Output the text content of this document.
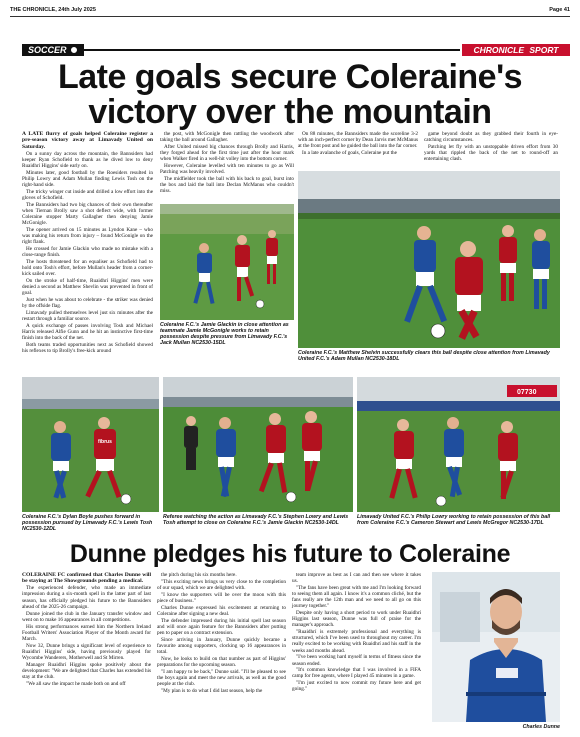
THE CHRONICLE, 24th July 2025	Page 41
SOCCER	CHRONICLE SPORT
Late goals secure Coleraine's victory over the mountain

A LATE flurry of goals helped Coleraine register a pre-season victory away at Limavady United on Saturday.

On a sunny day across the mountain, the Bannsiders had keeper Ryan Schofield to thank as he dived low to deny Ruaidhrí Higgins' side early on.

Minutes later, good football by the Roesiders resulted in Philip Lowry and Adam Mullan finding Lewis Tosh on the right-hand side.

The tricky winger cut inside and drilled a low effort into the gloves of Schofield.

The Bannsiders had two big chances of their own thereafter when Tiernan Brolly saw a shot deflect wide, with former Coleraine stopper Marty Gallagher then denying Jamie McGonigle.

The opener arrived on 15 minutes as Lyndon Kane – who was making his return from injury – found McGonigle on the right flank.

He crossed for Jamie Glackin who made no mistake with a close-range finish.

The hosts threatened for an equaliser as Schofield had to hold onto Tosh's effort, before Mullan's header from a corner-kick sailed over.

On the stroke of half-time, Ruaidhrí Higgins' men were denied a second as Matthew Shevlin was prevented in front of goal.

Just when he was about to celebrate - the striker was denied by the offside flag.

Limavady pulled themselves level just six minutes after the restart through a familiar source.

A quick exchange of passes involving Tosh and Michael Harris released Alfie Gunn and he hit an instinctive first-time finish into the back of the net.

Both teams traded opportunities next as Schofield showed his reflexes to tip Brolly's free-kick around

the post, with McGonigle then rattling the woodwork after taking the ball around Gallagher.

After United missed big chances through Brolly and Harris, they forged ahead for the first time just after the hour mark when Walker fired in a well-hit volley into the bottom corner.

However, Coleraine levelled with ten minutes to go as Will Patching was heavily involved.

The midfielder took the ball with his back to goal, burst into the box and laid the ball into Declan McManus who couldn't miss.

On 88 minutes, the Bannsiders made the scoreline 3-2 with an inch-perfect corner by Dean Jarvis met McManus at the front post and he guided the ball into the far corner.

In a late avalanche of goals, Coleraine put the

game beyond doubt as they grabbed their fourth in eye-catching circumstances.

Patching let fly with an unstoppable driven effort from 30 yards that rippled the back of the net to round-off an entertaining clash.

Coleraine F.C.'s Jamie Glackin in close attention as teammate Jamie McGonigle works to retain possession despite pressure from Limavady F.C.'s Jack Mullan NC2530-15DL
Coleraine F.C.'s Matthew Shelvin successfully clears this ball despite close attention from Limavady United F.C.'s Adam Mullan NC2530-18DL
fibrus
07730
Coleraine F.C.'s Dylan Boyle pushes forward in possession pursued by Limavady F.C.'s Lewis Tosh NC2530-12DL
Referee watching the action as Limavady F.C.'s Stephen Lowry and Lewis Tosh attempt to close on Coleraine F.C.'s Jamie Glackin NC2530-14DL
Limavady United F.C.'s Philip Lowry working to retain possession of this ball from Coleraine F.C.'s Cameron Stewart and Lewis McGregor NC2530-17DL
Dunne pledges his future to Coleraine

COLERAINE FC confirmed that Charles Dunne will be staying at The Showgrounds pending a medical.

The experienced defender, who made an immediate impression during a six-month spell in the latter part of last season, has officially pledged his future to the Bannsiders ahead of the 2025-26 campaign.

Dunne joined the club in the January transfer window and went on to make 16 appearances in all competitions.

His strong performances earned him the Northern Ireland Football Writers' Association Player of the Month award for March.

Now 32, Dunne brings a significant level of experience to Ruaidhrí Higgins' side, having previously played for Wycombe Wanderers, Motherwell and St Mirren.

Manager Ruaidhrí Higgins spoke positively about the development: "We are delighted that Charles has extended his stay at the club.

"We all saw the impact he made both on and off

the pitch during his six months here.

"This exciting news brings us very close to the completion of our squad, which we are delighted with.

"I know the supporters will be over the moon with this piece of business."

Charles Dunne expressed his excitement at returning to Coleraine after signing a new deal.

The defender impressed during his initial spell last season and will once again feature for the Bannsiders after putting pen to paper on a contract extension.

Since arriving in January, Dunne quickly became a favourite among supporters, clocking up 16 appearances in total.

Now, he looks to build on that number as part of Higgins' preparations for the upcoming season.

"I am happy to be back," Dunne said. "I'll be pleased to see the boys again and meet the new arrivals, as well as the good people at the club.

"My plan is to do what I did last season, help the

team improve as best as I can and then see where it takes us.

"The fans have been great with me and I'm looking forward to seeing them all again. I know it's a common cliché, but the fans really are the 12th man and we need to all go on this journey together."

Despite only having a short period to work under Ruaidhrí Higgins last season, Dunne was full of praise for the manager's approach.

"Ruaidhrí is extremely professional and everything is structured, which I've been used to throughout my career. I'm really excited to be working with Ruaidhrí and his staff in the weeks and months ahead.

"I've been working hard myself in terms of fitness since the season ended.

"It's common knowledge that I was involved in a FIFA camp for free agents, where I played 45 minutes in a game.

"I'm just excited to now commit my future here and get going."

Charles Dunne
